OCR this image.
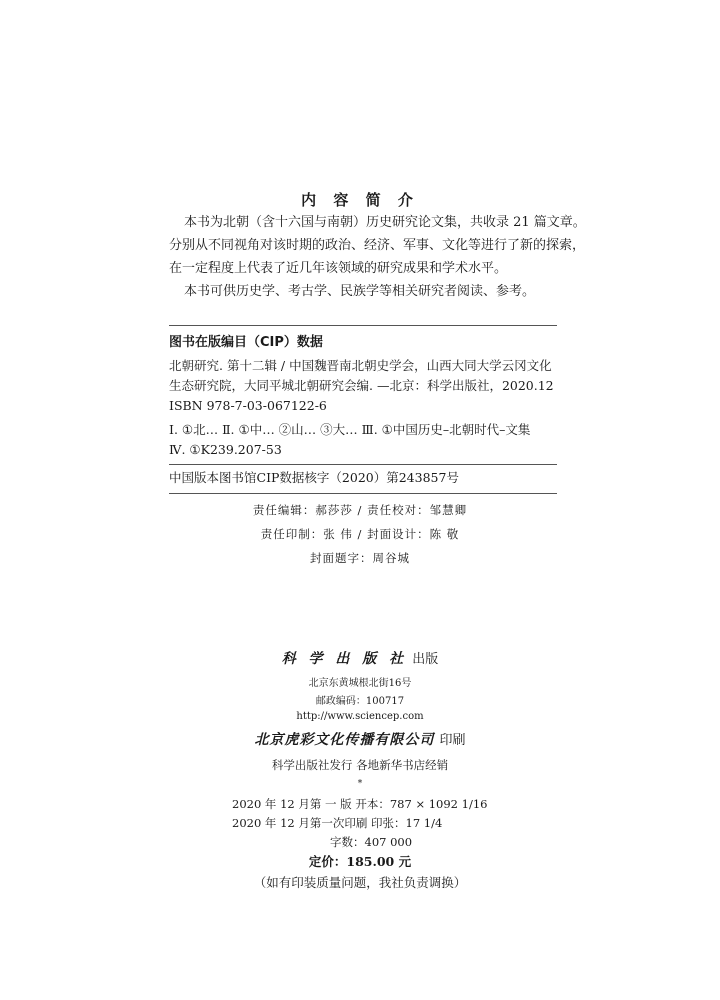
内 容 简 介
本书为北朝（含十六国与南朝）历史研究论文集，共收录 21 篇文章。
分别从不同视角对该时期的政治、经济、军事、文化等进行了新的探索，
在一定程度上代表了近几年该领域的研究成果和学术水平。
本书可供历史学、考古学、民族学等相关研究者阅读、参考。
图书在版编目（CIP）数据
北朝研究. 第十二辑 / 中国魏晋南北朝史学会，山西大同大学云冈文化
生态研究院，大同平城北朝研究会编. —北京：科学出版社，2020.12
ISBN 978-7-03-067122-6
Ⅰ. ①北… Ⅱ. ①中… ②山… ③大… Ⅲ. ①中国历史–北朝时代–文集
Ⅳ. ①K239.207-53
中国版本图书馆CIP数据核字（2020）第243857号
责任编辑：郝莎莎 / 责任校对：邹慧卿
责任印制：张 伟 / 封面设计：陈 敬
封面题字：周谷城
科 学 出 版 社 出版
北京东黄城根北街16号
邮政编码：100717
http://www.sciencep.com
北京虎彩文化传播有限公司 印刷
科学出版社发行 各地新华书店经销
*
2020 年 12 月第 一 版 开本：787 × 1092 1/16
2020 年 12 月第一次印刷 印张：17 1/4
字数：407 000
定价：185.00 元
（如有印装质量问题，我社负责调换）
